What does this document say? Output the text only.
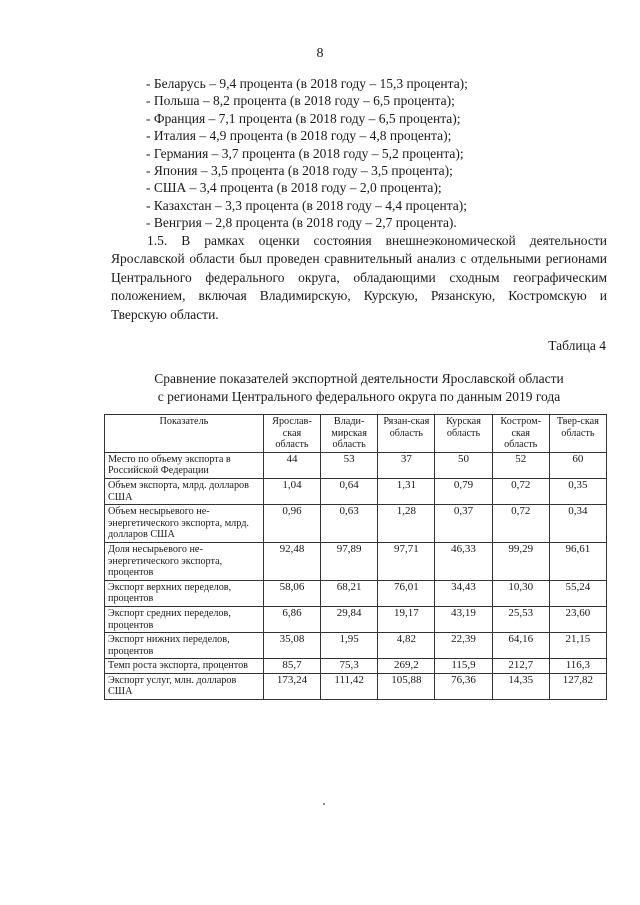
8
- Беларусь – 9,4 процента (в 2018 году – 15,3 процента);
- Польша – 8,2 процента (в 2018 году – 6,5 процента);
- Франция – 7,1 процента (в 2018 году – 6,5 процента);
- Италия – 4,9 процента (в 2018 году – 4,8 процента);
- Германия – 3,7 процента (в 2018 году – 5,2 процента);
- Япония – 3,5 процента (в 2018 году – 3,5 процента);
- США – 3,4 процента (в 2018 году – 2,0 процента);
- Казахстан – 3,3 процента (в 2018 году – 4,4 процента);
- Венгрия – 2,8 процента (в 2018 году – 2,7 процента).
1.5. В рамках оценки состояния внешнеэкономической деятельности Ярославской области был проведен сравнительный анализ с отдельными регионами Центрального федерального округа, обладающими сходным географическим положением, включая Владимирскую, Курскую, Рязанскую, Костромскую и Тверскую области.
Таблица 4
Сравнение показателей экспортной деятельности Ярославской области
с регионами Центрального федерального округа по данным 2019 года
Показатель	Ярослав-ская область	Влади-мирская область	Рязан-ская область	Курская область	Костром-ская область	Твер-ская область
Место по объему экспорта в Российской Федерации	44	53	37	50	52	60
Объем экспорта, млрд. долларов США	1,04	0,64	1,31	0,79	0,72	0,35
Объем несырьевого не-энергетического экспорта, млрд. долларов США	0,96	0,63	1,28	0,37	0,72	0,34
Доля несырьевого не-энергетического экспорта, процентов	92,48	97,89	97,71	46,33	99,29	96,61
Экспорт верхних переделов, процентов	58,06	68,21	76,01	34,43	10,30	55,24
Экспорт средних переделов, процентов	6,86	29,84	19,17	43,19	25,53	23,60
Экспорт нижних переделов, процентов	35,08	1,95	4,82	22,39	64,16	21,15
Темп роста экспорта, процентов	85,7	75,3	269,2	115,9	212,7	116,3
Экспорт услуг, млн. долларов США	173,24	111,42	105,88	76,36	14,35	127,82
